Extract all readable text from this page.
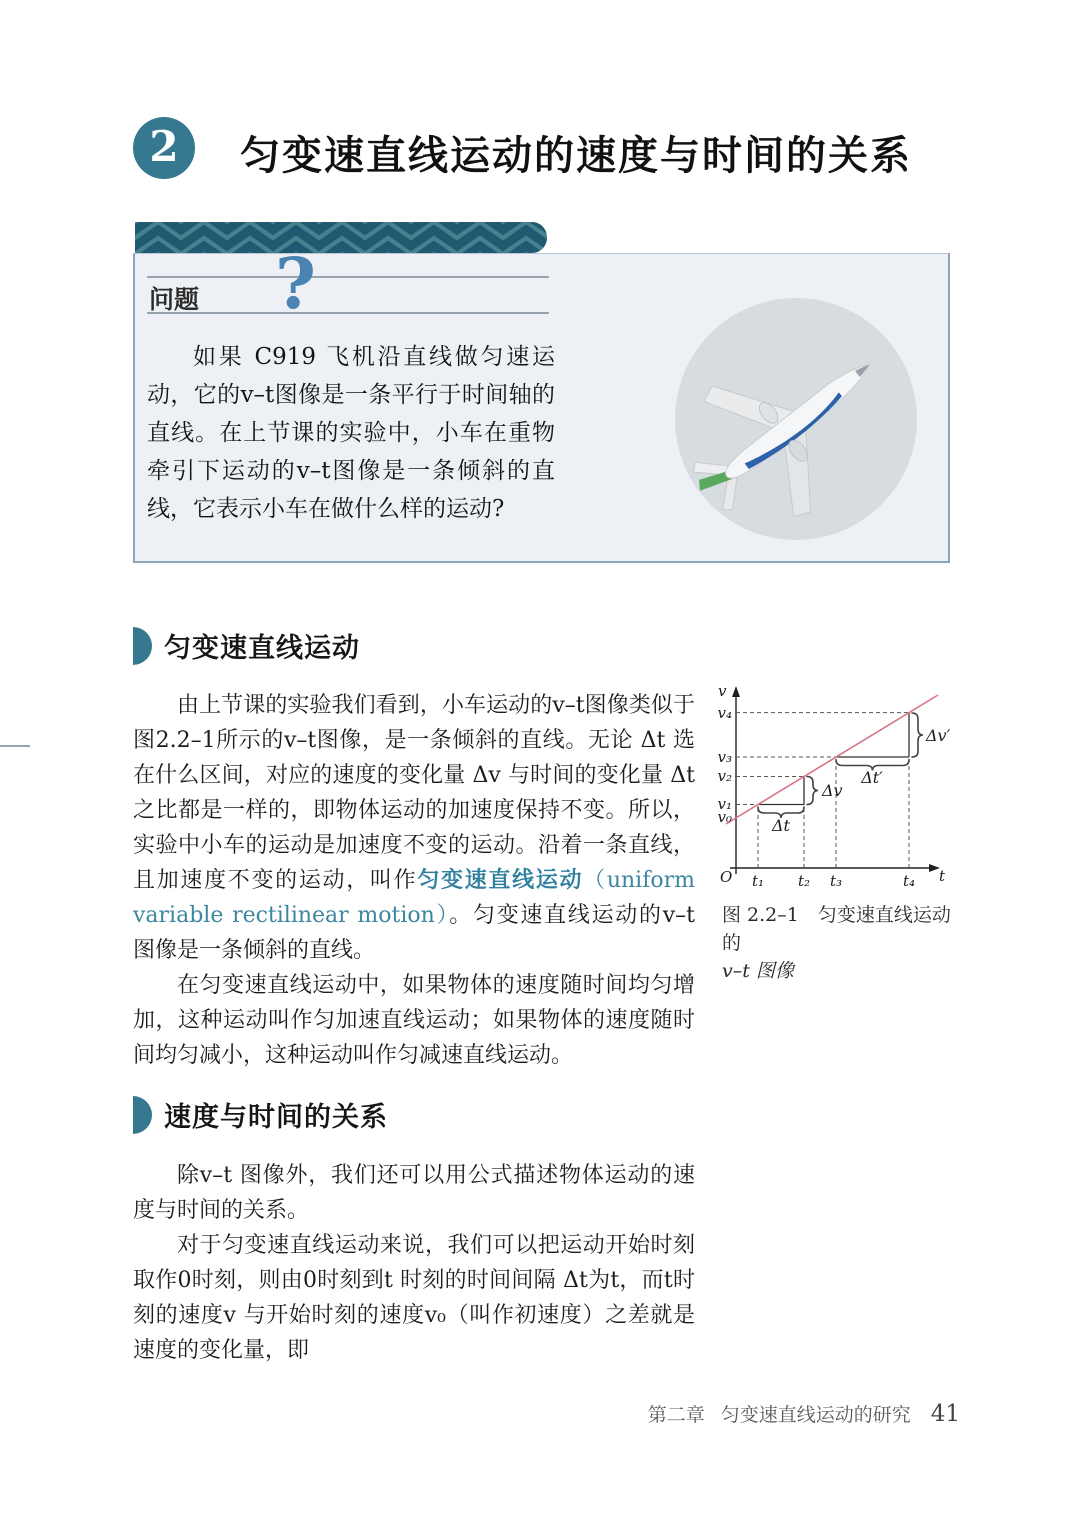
2	匀变速直线运动的速度与时间的关系
问题 ?
如果 C919 飞机沿直线做匀速运动，它的v–t图像是一条平行于时间轴的直线。在上节课的实验中，小车在重物牵引下运动的v–t图像是一条倾斜的直线，它表示小车在做什么样的运动?
匀变速直线运动

由上节课的实验我们看到，小车运动的v–t图像类似于图2.2–1所示的v–t图像，是一条倾斜的直线。无论 Δt 选在什么区间，对应的速度的变化量 Δv 与时间的变化量 Δt 之比都是一样的，即物体运动的加速度保持不变。所以，实验中小车的运动是加速度不变的运动。沿着一条直线，且加速度不变的运动，叫作匀变速直线运动（uniform variable rectilinear motion）。匀变速直线运动的v–t 图像是一条倾斜的直线。

在匀变速直线运动中，如果物体的速度随时间均匀增加，这种运动叫作匀加速直线运动；如果物体的速度随时间均匀减小，这种运动叫作匀减速直线运动。

v
t
O
v₀
v₁
v₂
v₃
v₄
t₁ t₂ t₃	t₄
Δt
Δv
Δt′
Δv′
图 2.2–1　匀变速直线运动的
v–t 图像
速度与时间的关系

除v–t 图像外，我们还可以用公式描述物体运动的速度与时间的关系。

对于匀变速直线运动来说，我们可以把运动开始时刻取作0时刻，则由0时刻到t 时刻的时间间隔 Δt为t，而t时刻的速度v 与开始时刻的速度v₀（叫作初速度）之差就是速度的变化量，即

第二章 匀变速直线运动的研究 41
